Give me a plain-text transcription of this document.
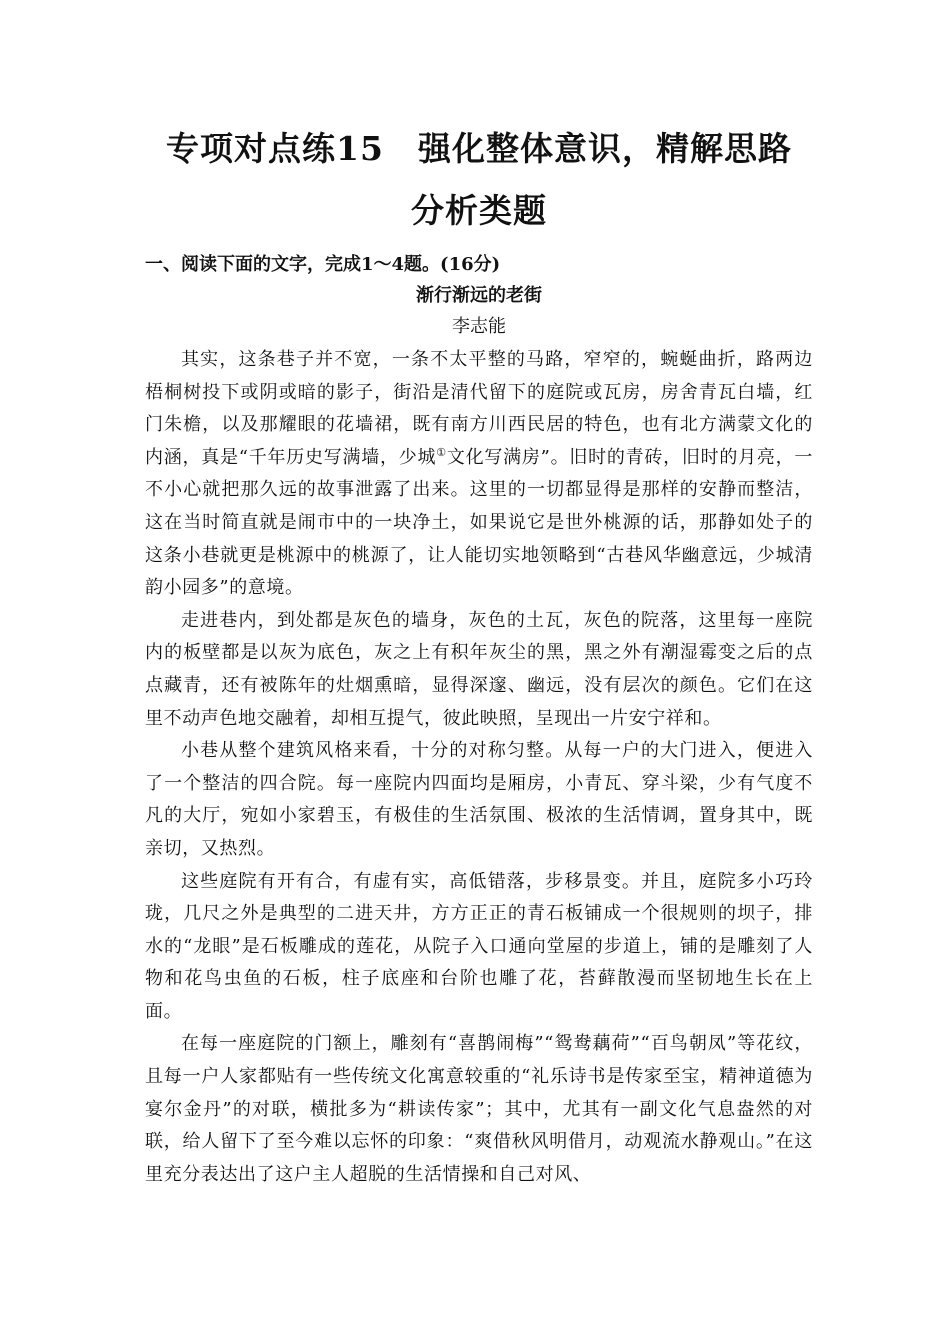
专项对点练15　强化整体意识，精解思路
分析类题

一、阅读下面的文字，完成1～4题。(16分)

渐行渐远的老街

李志能

其实，这条巷子并不宽，一条不太平整的马路，窄窄的，蜿蜒曲折，路两边梧桐树投下或阴或暗的影子，街沿是清代留下的庭院或瓦房，房舍青瓦白墙，红门朱檐，以及那耀眼的花墙裙，既有南方川西民居的特色，也有北方满蒙文化的内涵，真是“千年历史写满墙，少城①文化写满房”。旧时的青砖，旧时的月亮，一不小心就把那久远的故事泄露了出来。这里的一切都显得是那样的安静而整洁，这在当时简直就是闹市中的一块净土，如果说它是世外桃源的话，那静如处子的这条小巷就更是桃源中的桃源了，让人能切实地领略到“古巷风华幽意远，少城清韵小园多”的意境。

走进巷内，到处都是灰色的墙身，灰色的土瓦，灰色的院落，这里每一座院内的板壁都是以灰为底色，灰之上有积年灰尘的黑，黑之外有潮湿霉变之后的点点藏青，还有被陈年的灶烟熏暗，显得深邃、幽远，没有层次的颜色。它们在这里不动声色地交融着，却相互提气，彼此映照，呈现出一片安宁祥和。

小巷从整个建筑风格来看，十分的对称匀整。从每一户的大门进入，便进入了一个整洁的四合院。每一座院内四面均是厢房，小青瓦、穿斗梁，少有气度不凡的大厅，宛如小家碧玉，有极佳的生活氛围、极浓的生活情调，置身其中，既亲切，又热烈。

这些庭院有开有合，有虚有实，高低错落，步移景变。并且，庭院多小巧玲珑，几尺之外是典型的二进天井，方方正正的青石板铺成一个很规则的坝子，排水的“龙眼”是石板雕成的莲花，从院子入口通向堂屋的步道上，铺的是雕刻了人物和花鸟虫鱼的石板，柱子底座和台阶也雕了花，苔藓散漫而坚韧地生长在上面。

在每一座庭院的门额上，雕刻有“喜鹊闹梅”“鸳鸯藕荷”“百鸟朝凤”等花纹，且每一户人家都贴有一些传统文化寓意较重的“礼乐诗书是传家至宝，精神道德为宴尔金丹”的对联，横批多为“耕读传家”；其中，尤其有一副文化气息盎然的对联，给人留下了至今难以忘怀的印象：“爽借秋风明借月，动观流水静观山。”在这里充分表达出了这户主人超脱的生活情操和自己对风、
